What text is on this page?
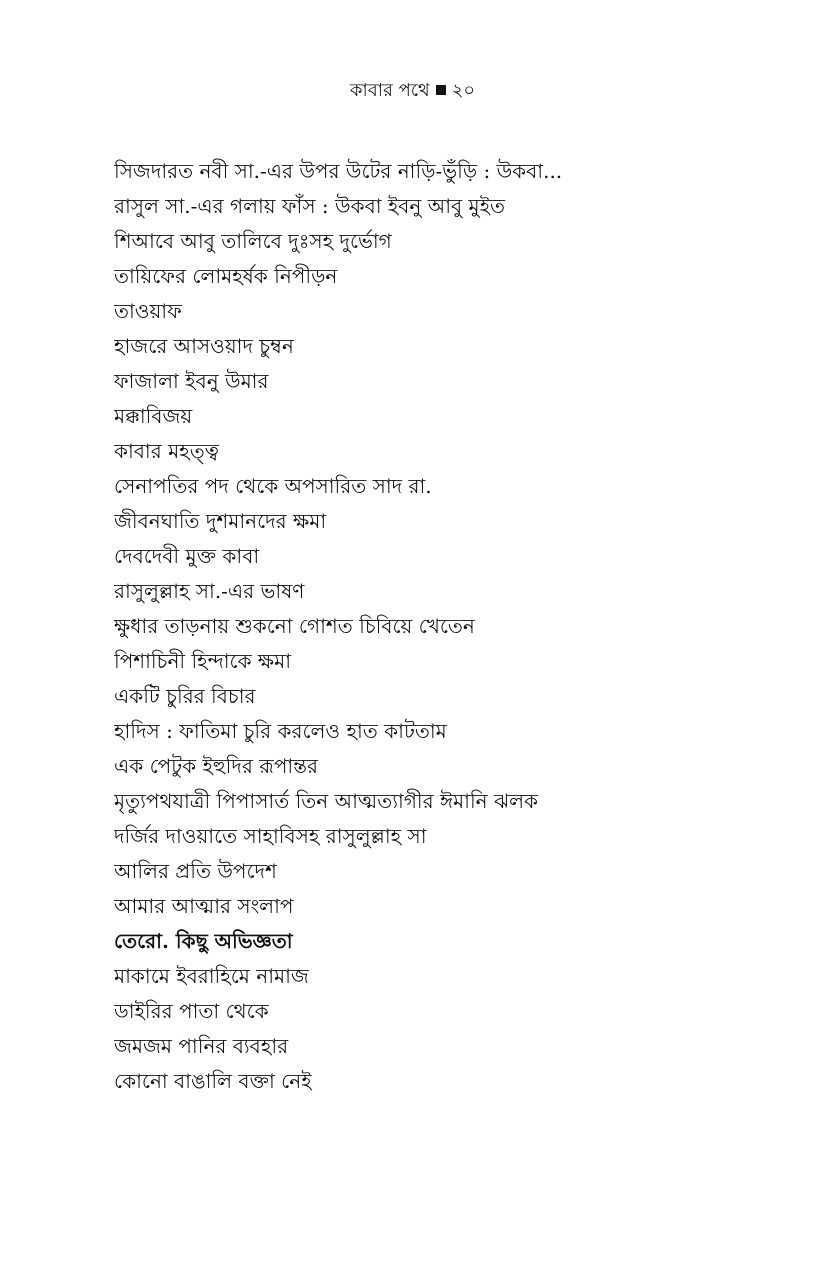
কাবার পথে ২০
সিজদারত নবী সা.-এর উপর উটের নাড়ি-ভুঁড়ি : উকবা...
রাসুল সা.-এর গলায় ফাঁস : উকবা ইবনু আবু মুইত
শিআবে আবু তালিবে দুঃসহ দুর্ভোগ
তায়িফের লোমহর্ষক নিপীড়ন
তাওয়াফ
হাজরে আসওয়াদ চুম্বন
ফাজালা ইবনু উমার
মক্কাবিজয়
কাবার মহত্ত্ব
সেনাপতির পদ থেকে অপসারিত সাদ রা.
জীবনঘাতি দুশমানদের ক্ষমা
দেবদেবী মুক্ত কাবা
রাসুলুল্লাহ সা.-এর ভাষণ
ক্ষুধার তাড়নায় শুকনো গোশত চিবিয়ে খেতেন
পিশাচিনী হিন্দাকে ক্ষমা
একটি চুরির বিচার
হাদিস : ফাতিমা চুরি করলেও হাত কাটতাম
এক পেটুক ইহুদির রূপান্তর
মৃত্যুপথযাত্রী পিপাসার্ত তিন আত্মত্যাগীর ঈমানি ঝলক
দর্জির দাওয়াতে সাহাবিসহ রাসুলুল্লাহ সা
আলির প্রতি উপদেশ
আমার আত্মার সংলাপ
তেরো. কিছু অভিজ্ঞতা
মাকামে ইবরাহিমে নামাজ
ডাইরির পাতা থেকে
জমজম পানির ব্যবহার
কোনো বাঙালি বক্তা নেই
